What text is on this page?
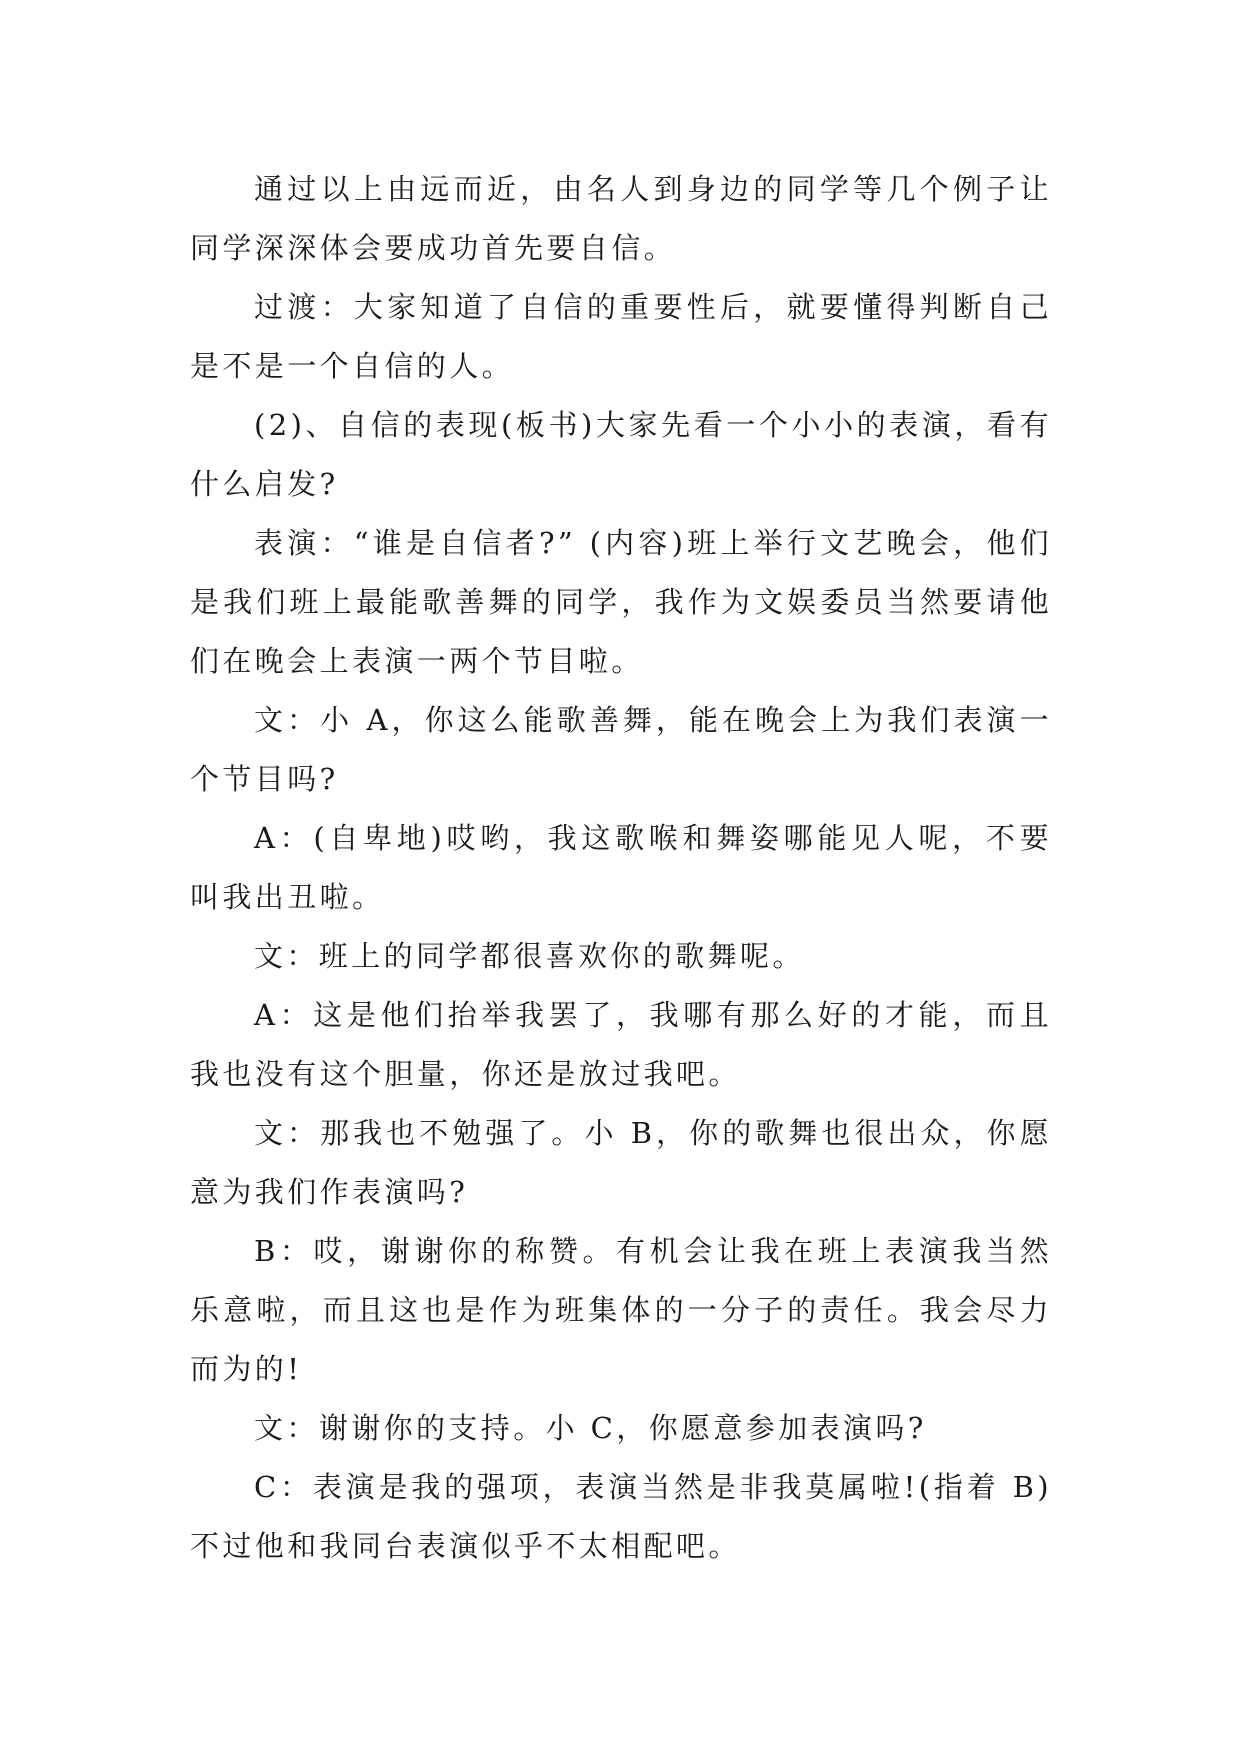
通过以上由远而近，由名人到身边的同学等几个例子让同学深深体会要成功首先要自信。

过渡：大家知道了自信的重要性后，就要懂得判断自己是不是一个自信的人。

(2)、自信的表现(板书)大家先看一个小小的表演，看有什么启发?

表演：“谁是自信者?” (内容)班上举行文艺晚会，他们是我们班上最能歌善舞的同学，我作为文娱委员当然要请他们在晚会上表演一两个节目啦。

文：小 A，你这么能歌善舞，能在晚会上为我们表演一个节目吗?

A：(自卑地)哎哟，我这歌喉和舞姿哪能见人呢，不要叫我出丑啦。

文：班上的同学都很喜欢你的歌舞呢。

A：这是他们抬举我罢了，我哪有那么好的才能，而且我也没有这个胆量，你还是放过我吧。

文：那我也不勉强了。小 B，你的歌舞也很出众，你愿意为我们作表演吗?

B：哎，谢谢你的称赞。有机会让我在班上表演我当然乐意啦，而且这也是作为班集体的一分子的责任。我会尽力而为的!

文：谢谢你的支持。小 C，你愿意参加表演吗?

C：表演是我的强项，表演当然是非我莫属啦!(指着 B)不过他和我同台表演似乎不太相配吧。
